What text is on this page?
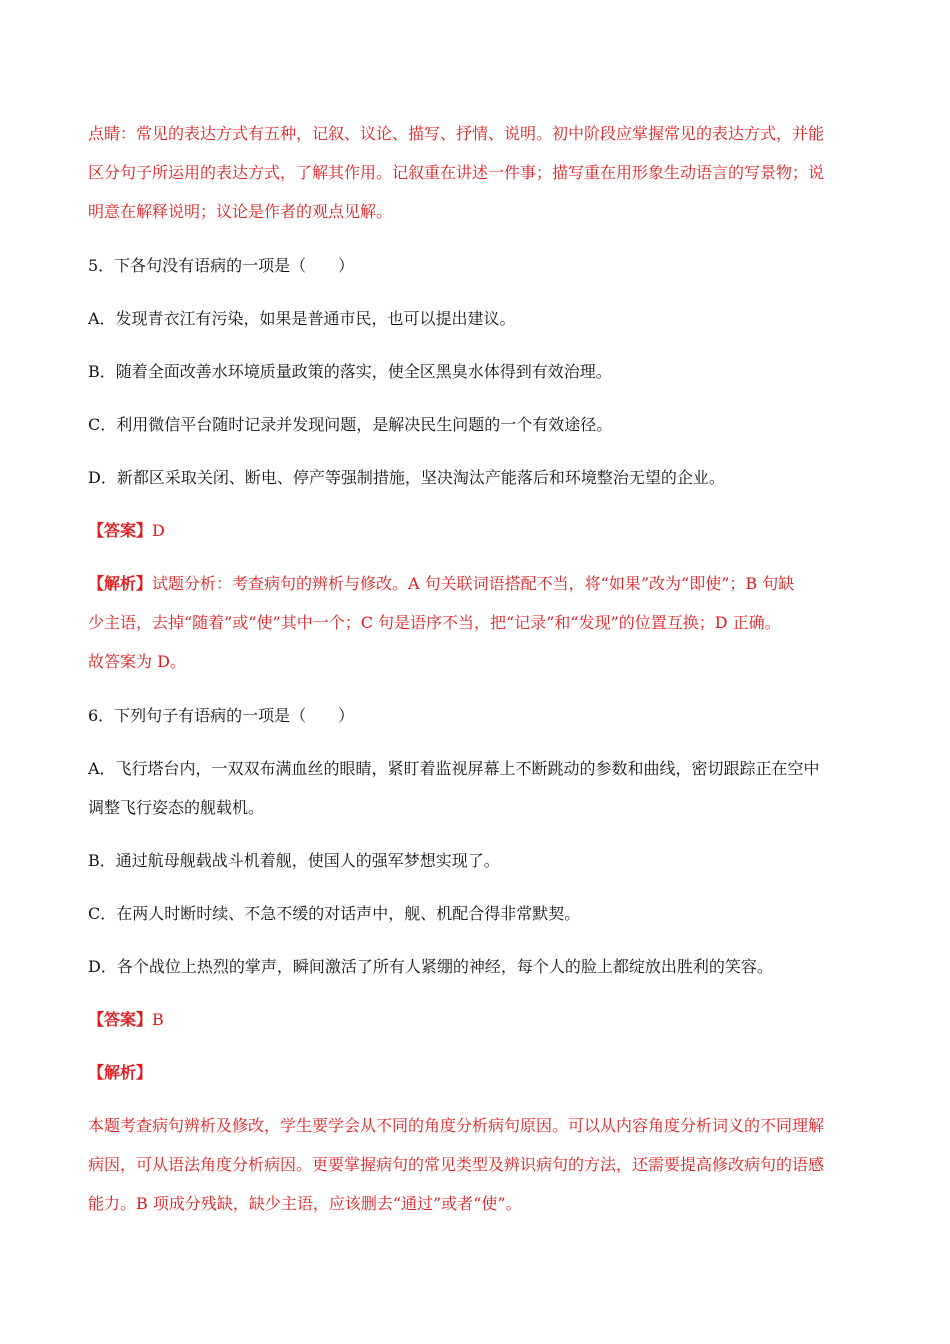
点睛：常见的表达方式有五种，记叙、议论、描写、抒情、说明。初中阶段应掌握常见的表达方式，并能
区分句子所运用的表达方式，了解其作用。记叙重在讲述一件事；描写重在用形象生动语言的写景物；说
明意在解释说明；议论是作者的观点见解。
5．下各句没有语病的一项是（　　）
A．发现青衣江有污染，如果是普通市民，也可以提出建议。
B．随着全面改善水环境质量政策的落实，使全区黑臭水体得到有效治理。
C．利用微信平台随时记录并发现问题，是解决民生问题的一个有效途径。
D．新都区采取关闭、断电、停产等强制措施，坚决淘汰产能落后和环境整治无望的企业。
【答案】D
【解析】试题分析：考查病句的辨析与修改。A 句关联词语搭配不当，将“如果”改为“即使”；B 句缺
少主语，去掉“随着”或“使”其中一个；C 句是语序不当，把“记录”和“发现”的位置互换；D 正确。
故答案为 D。
6．下列句子有语病的一项是（　　）
A．飞行塔台内，一双双布满血丝的眼睛，紧盯着监视屏幕上不断跳动的参数和曲线，密切跟踪正在空中
调整飞行姿态的舰载机。
B．通过航母舰载战斗机着舰，使国人的强军梦想实现了。
C．在两人时断时续、不急不缓的对话声中，舰、机配合得非常默契。
D．各个战位上热烈的掌声，瞬间激活了所有人紧绷的神经，每个人的脸上都绽放出胜利的笑容。
【答案】B
【解析】
本题考查病句辨析及修改，学生要学会从不同的角度分析病句原因。可以从内容角度分析词义的不同理解
病因，可从语法角度分析病因。更要掌握病句的常见类型及辨识病句的方法，还需要提高修改病句的语感
能力。B 项成分残缺，缺少主语，应该删去“通过”或者“使”。
